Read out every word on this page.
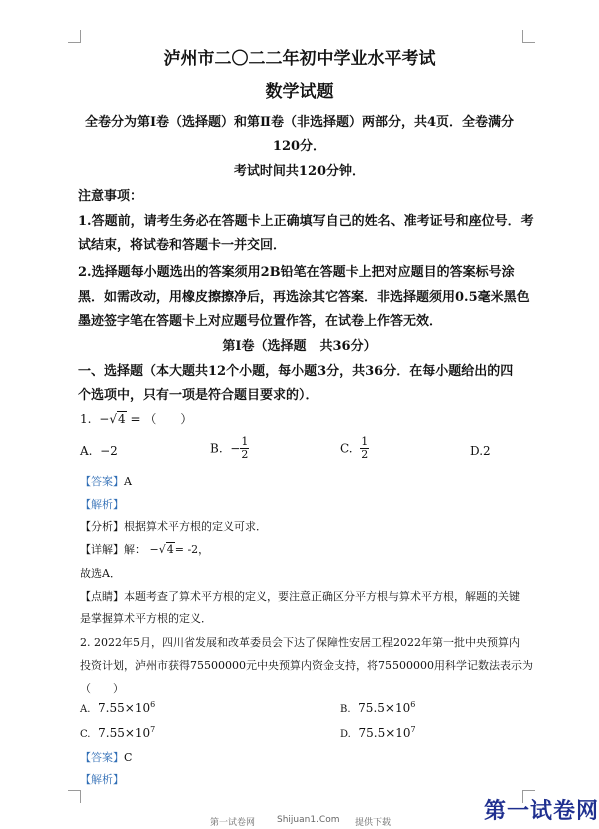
泸州市二〇二二年初中学业水平考试
数学试题
全卷分为第Ⅰ卷（选择题）和第Ⅱ卷（非选择题）两部分，共4页．全卷满分
120分．
考试时间共120分钟．
注意事项：
1.答题前，请考生务必在答题卡上正确填写自己的姓名、准考证号和座位号．考
试结束，将试卷和答题卡一并交回．
2.选择题每小题选出的答案须用2B铅笔在答题卡上把对应题目的答案标号涂
黑．如需改动，用橡皮擦擦净后，再选涂其它答案．非选择题须用0.5毫米黑色
墨迹签字笔在答题卡上对应题号位置作答，在试卷上作答无效．
第Ⅰ卷（选择题　共36分）
一、选择题（本大题共12个小题，每小题3分，共36分．在每小题给出的四
个选项中，只有一项是符合题目要求的）．
1. −√4 = （　　）
A. −2	B. − $\frac{1}{2}$	C. $\frac{1}{2}$	D.2
【答案】A
【解析】
【分析】根据算术平方根的定义可求．
【详解】解： −√4= -2，
故选A．
【点睛】本题考查了算术平方根的定义，要注意正确区分平方根与算术平方根，解题的关键
是掌握算术平方根的定义．
2. 2022年5月，四川省发展和改革委员会下达了保障性安居工程2022年第一批中央预算内
投资计划，泸州市获得75500000元中央预算内资金支持，将75500000用科学记数法表示为
（　　）
A. $7.55\times 10^6$	B. $75.5\times 10^6$
C. $7.55\times 10^7$	D. $75.5\times 10^7$
【答案】C
【解析】
第一试卷网 Shijuan1.Com 提供下载	第一试卷网
